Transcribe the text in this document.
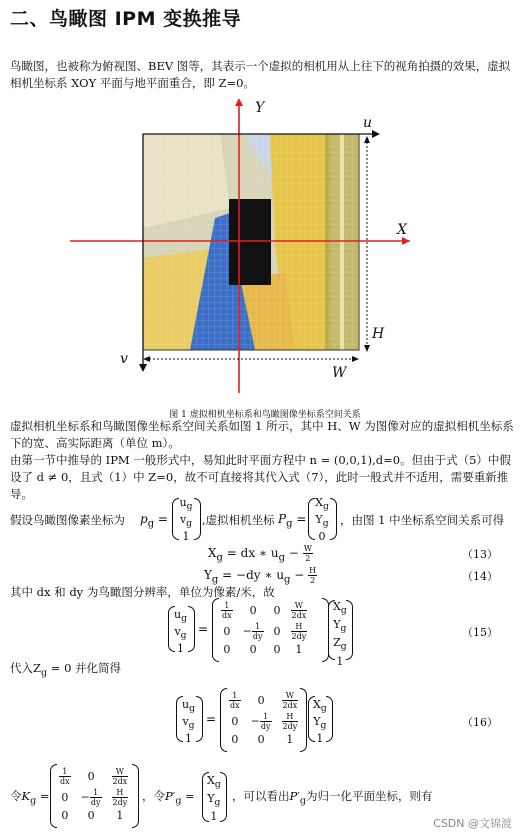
二、鸟瞰图 IPM 变换推导
鸟瞰图，也被称为俯视图、BEV 图等，其表示一个虚拟的相机用从上往下的视角拍摄的效果，虚拟相机坐标系 XOY 平面与地平面重合，即 Z=0。
Y
X
u
v
H
W
图 1 虚拟相机坐标系和鸟瞰图像坐标系空间关系
虚拟相机坐标系和鸟瞰图像坐标系空间关系如图 1 所示，其中 H、W 为图像对应的虚拟相机坐标系下的宽、高实际距离（单位 m）。
由第一节中推导的 IPM 一般形式中，易知此时平面方程中 n = (0,0,1),d=0。但由于式（5）中假设了 d ≠ 0，且式（1）中 Z=0，故不可直接将其代入式（7），此时一般式并不适用，需要重新推导。
假设鸟瞰图像素坐标为 $p_g$ =
$u_g$
$v_g$
1
,虚拟相机坐标 $P_g$ =
$X_g$
$Y_g$
0
，由图 1 中坐标系空间关系可得
$X_g$ = dx ∗ $u_g - \frac{W}{2}$	（13）
$Y_g = -dy$ ∗ $u_g - \frac{H}{2}$	（14）
其中 dx 和 dy 为鸟瞰图分辨率，单位为像素/米，故
$u_g$
$v_g$
1
=
$\frac{1}{dx}$	0	0	$\frac{W}{2dx}$

0	− $\frac{1}{dy}$	0	$\frac{H}{2dy}$

0	0	0	1
$X_g$
$Y_g$
$Z_g$
1
（15）
代入$Z_g = 0$ 并化简得
$u_g$
$v_g$
1
=
$\frac{1}{dx}$	0	$\frac{W}{2dx}$

0	− $\frac{1}{dy}$	$\frac{H}{2dy}$

0	0	1
$X_g$
$Y_g$
1
（16）
令$K_g$ =
$\frac{1}{dx}$	0	$\frac{W}{2dx}$

0	− $\frac{1}{dy}$	$\frac{H}{2dy}$

0	0	1
，令$P'_g$ =
$X_g$
$Y_g$
1
，可以看出$P'_g$为归一化平面坐标，则有
CSDN @文锦渡
